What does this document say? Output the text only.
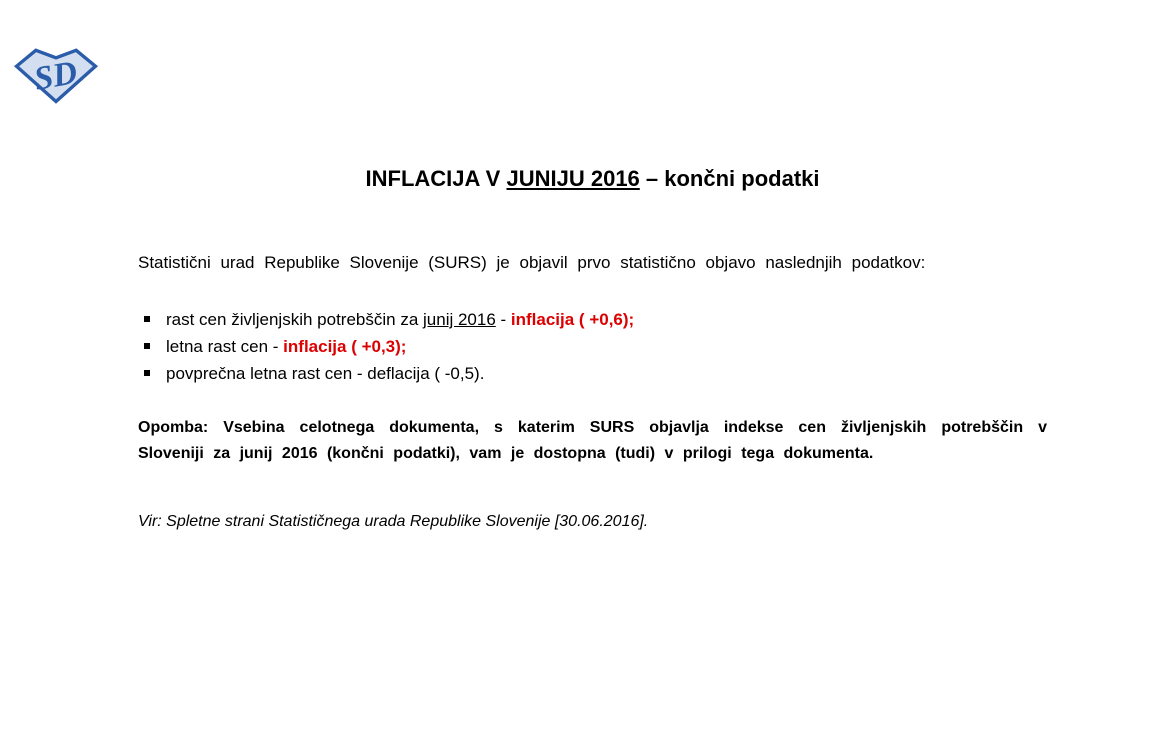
SD
INFLACIJA V JUNIJU 2016 – končni podatki

Statistični urad Republike Slovenije (SURS) je objavil prvo statistično objavo naslednjih podatkov:

rast cen življenjskih potrebščin za junij 2016 - inflacija ( +0,6);
letna rast cen - inflacija ( +0,3);
povprečna letna rast cen - deflacija ( -0,5).

Opomba: Vsebina celotnega dokumenta, s katerim SURS objavlja indekse cen življenjskih potrebščin v Sloveniji za junij 2016 (končni podatki), vam je dostopna (tudi) v prilogi tega dokumenta.

Vir: Spletne strani Statističnega urada Republike Slovenije [30.06.2016].
